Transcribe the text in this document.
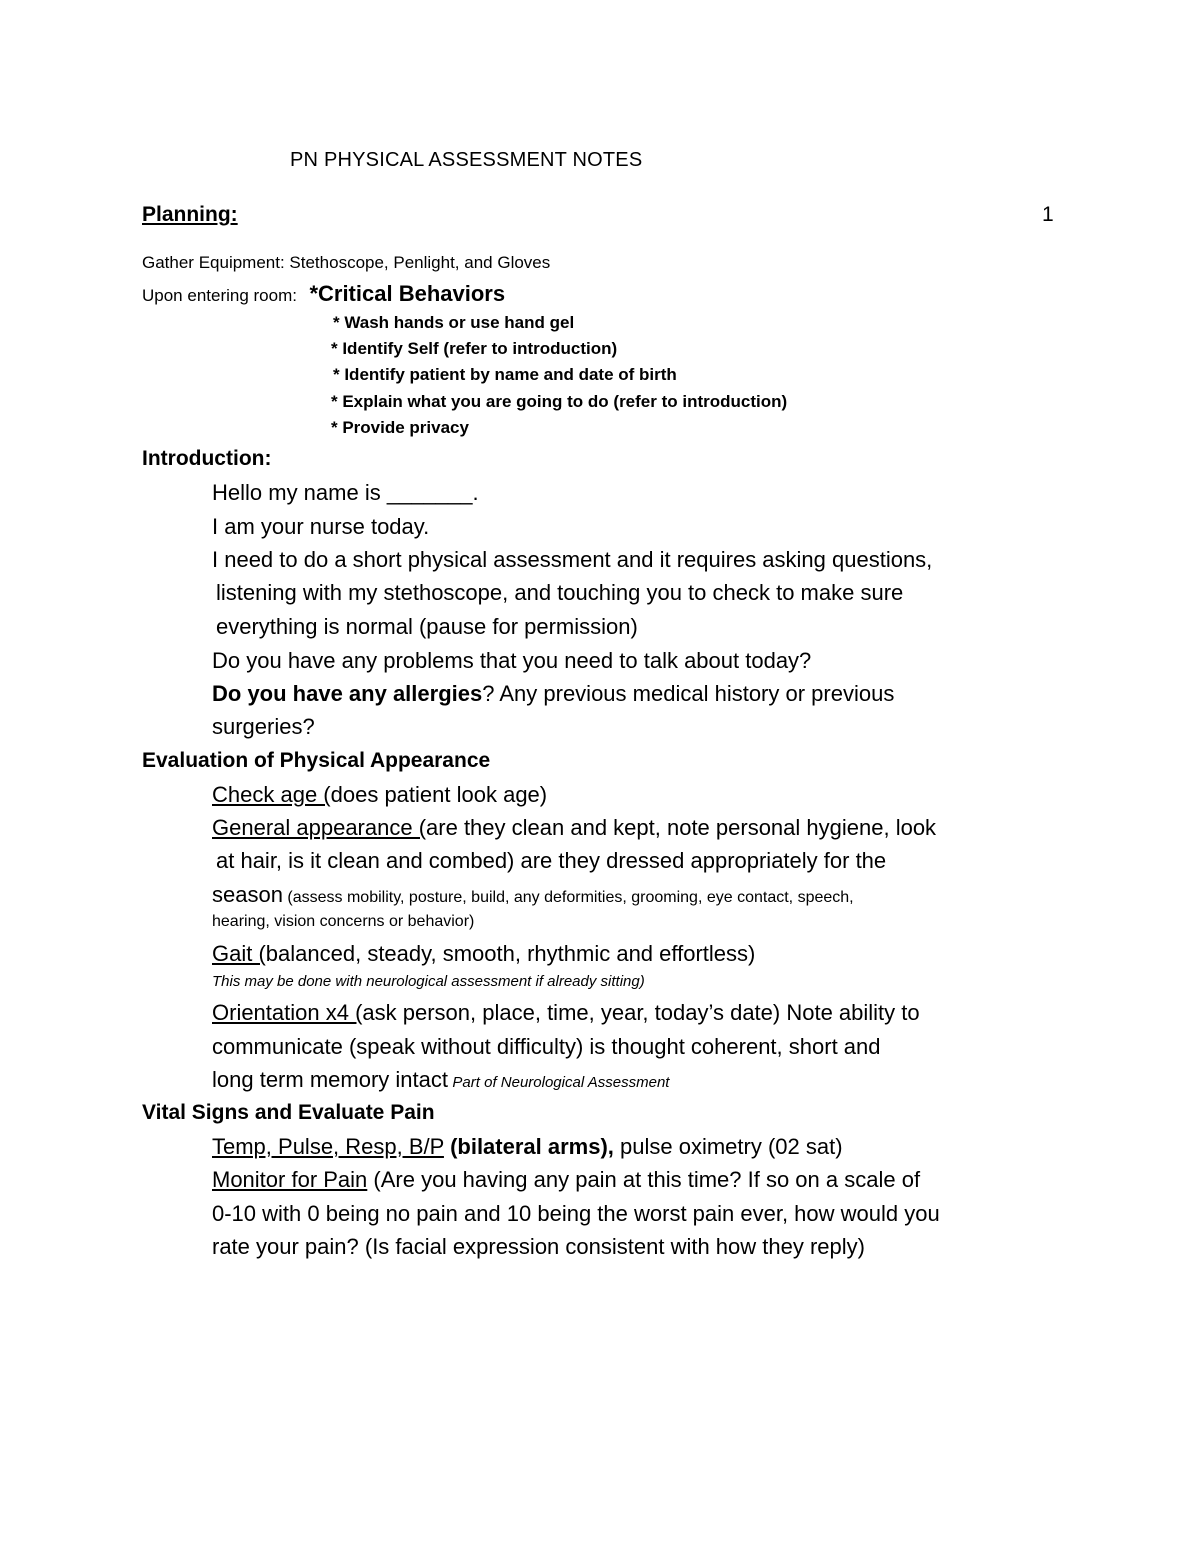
PN PHYSICAL ASSESSMENT NOTES
Planning:	1
Gather Equipment: Stethoscope, Penlight, and Gloves
Upon entering room: *Critical Behaviors
* Wash hands or use hand gel
* Identify Self (refer to introduction)
* Identify patient by name and date of birth
* Explain what you are going to do (refer to introduction)
* Provide privacy
Introduction:
Hello my name is _______.
I am your nurse today.
I need to do a short physical assessment and it requires asking questions,
listening with my stethoscope, and touching you to check to make sure
everything is normal (pause for permission)
Do you have any problems that you need to talk about today?
Do you have any allergies? Any previous medical history or previous
surgeries?
Evaluation of Physical Appearance
Check age (does patient look age)
General appearance (are they clean and kept, note personal hygiene, look
at hair, is it clean and combed) are they dressed appropriately for the
season (assess mobility, posture, build, any deformities, grooming, eye contact, speech,
hearing, vision concerns or behavior)
Gait (balanced, steady, smooth, rhythmic and effortless)
This may be done with neurological assessment if already sitting)
Orientation x4 (ask person, place, time, year, today’s date) Note ability to
communicate (speak without difficulty) is thought coherent, short and
long term memory intact Part of Neurological Assessment
Vital Signs and Evaluate Pain
Temp, Pulse, Resp, B/P (bilateral arms), pulse oximetry (02 sat)
Monitor for Pain (Are you having any pain at this time? If so on a scale of
0-10 with 0 being no pain and 10 being the worst pain ever, how would you
rate your pain? (Is facial expression consistent with how they reply)
